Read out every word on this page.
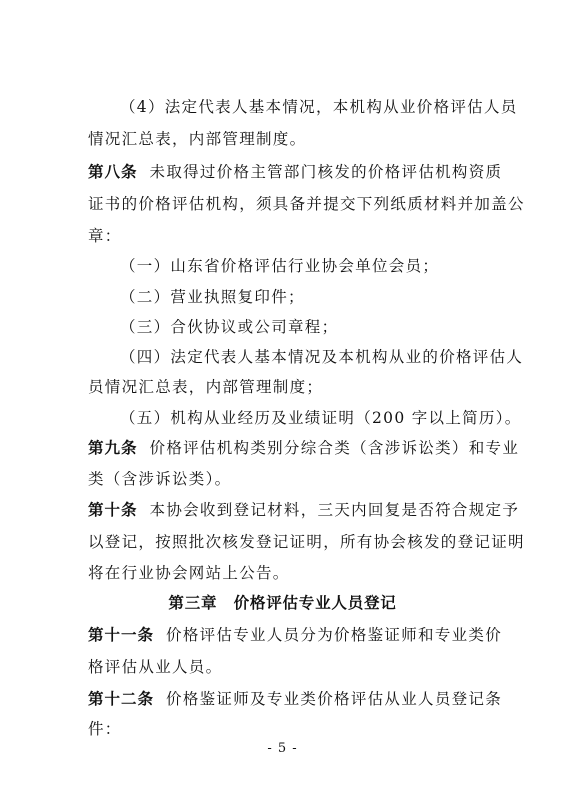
（4）法定代表人基本情况，本机构从业价格评估人员
情况汇总表，内部管理制度。
第八条 未取得过价格主管部门核发的价格评估机构资质
证书的价格评估机构，须具备并提交下列纸质材料并加盖公
章：
（一）山东省价格评估行业协会单位会员；
（二）营业执照复印件；
（三）合伙协议或公司章程；
（四）法定代表人基本情况及本机构从业的价格评估人
员情况汇总表，内部管理制度；
（五）机构从业经历及业绩证明（200 字以上简历）。
第九条 价格评估机构类别分综合类（含涉诉讼类）和专业
类（含涉诉讼类）。
第十条 本协会收到登记材料，三天内回复是否符合规定予
以登记，按照批次核发登记证明，所有协会核发的登记证明
将在行业协会网站上公告。
第三章　价格评估专业人员登记
第十一条 价格评估专业人员分为价格鉴证师和专业类价
格评估从业人员。
第十二条 价格鉴证师及专业类价格评估从业人员登记条
件：
- 5 -
